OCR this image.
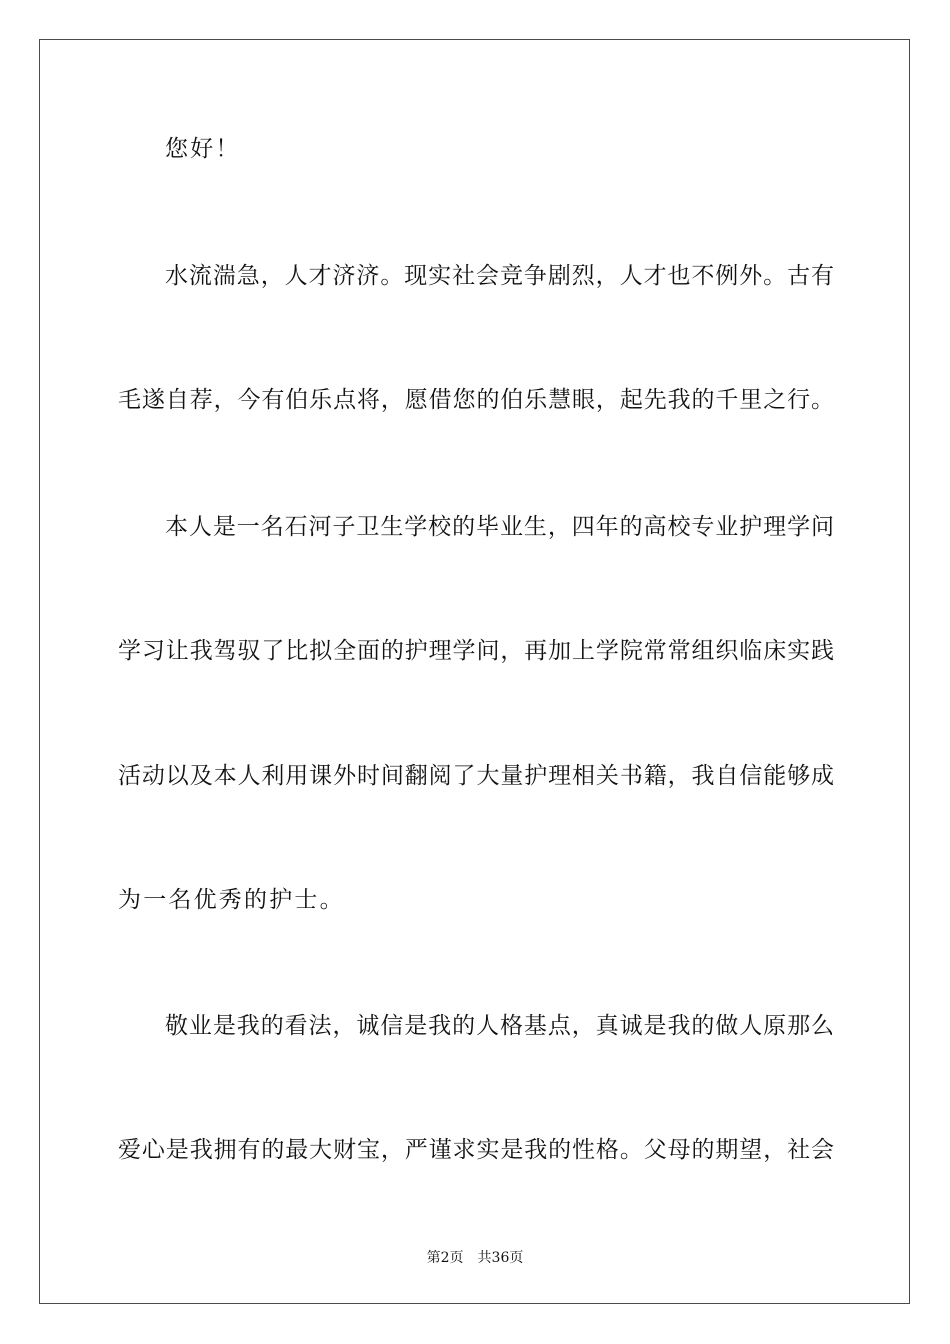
您好！
水流湍急，人才济济。现实社会竞争剧烈，人才也不例外。古有
毛遂自荐，今有伯乐点将，愿借您的伯乐慧眼，起先我的千里之行。
本人是一名石河子卫生学校的毕业生，四年的高校专业护理学问
学习让我驾驭了比拟全面的护理学问，再加上学院常常组织临床实践
活动以及本人利用课外时间翻阅了大量护理相关书籍，我自信能够成
为一名优秀的护士。
敬业是我的看法，诚信是我的人格基点，真诚是我的做人原那么
爱心是我拥有的最大财宝，严谨求实是我的性格。父母的期望，社会
第2页 共36页
